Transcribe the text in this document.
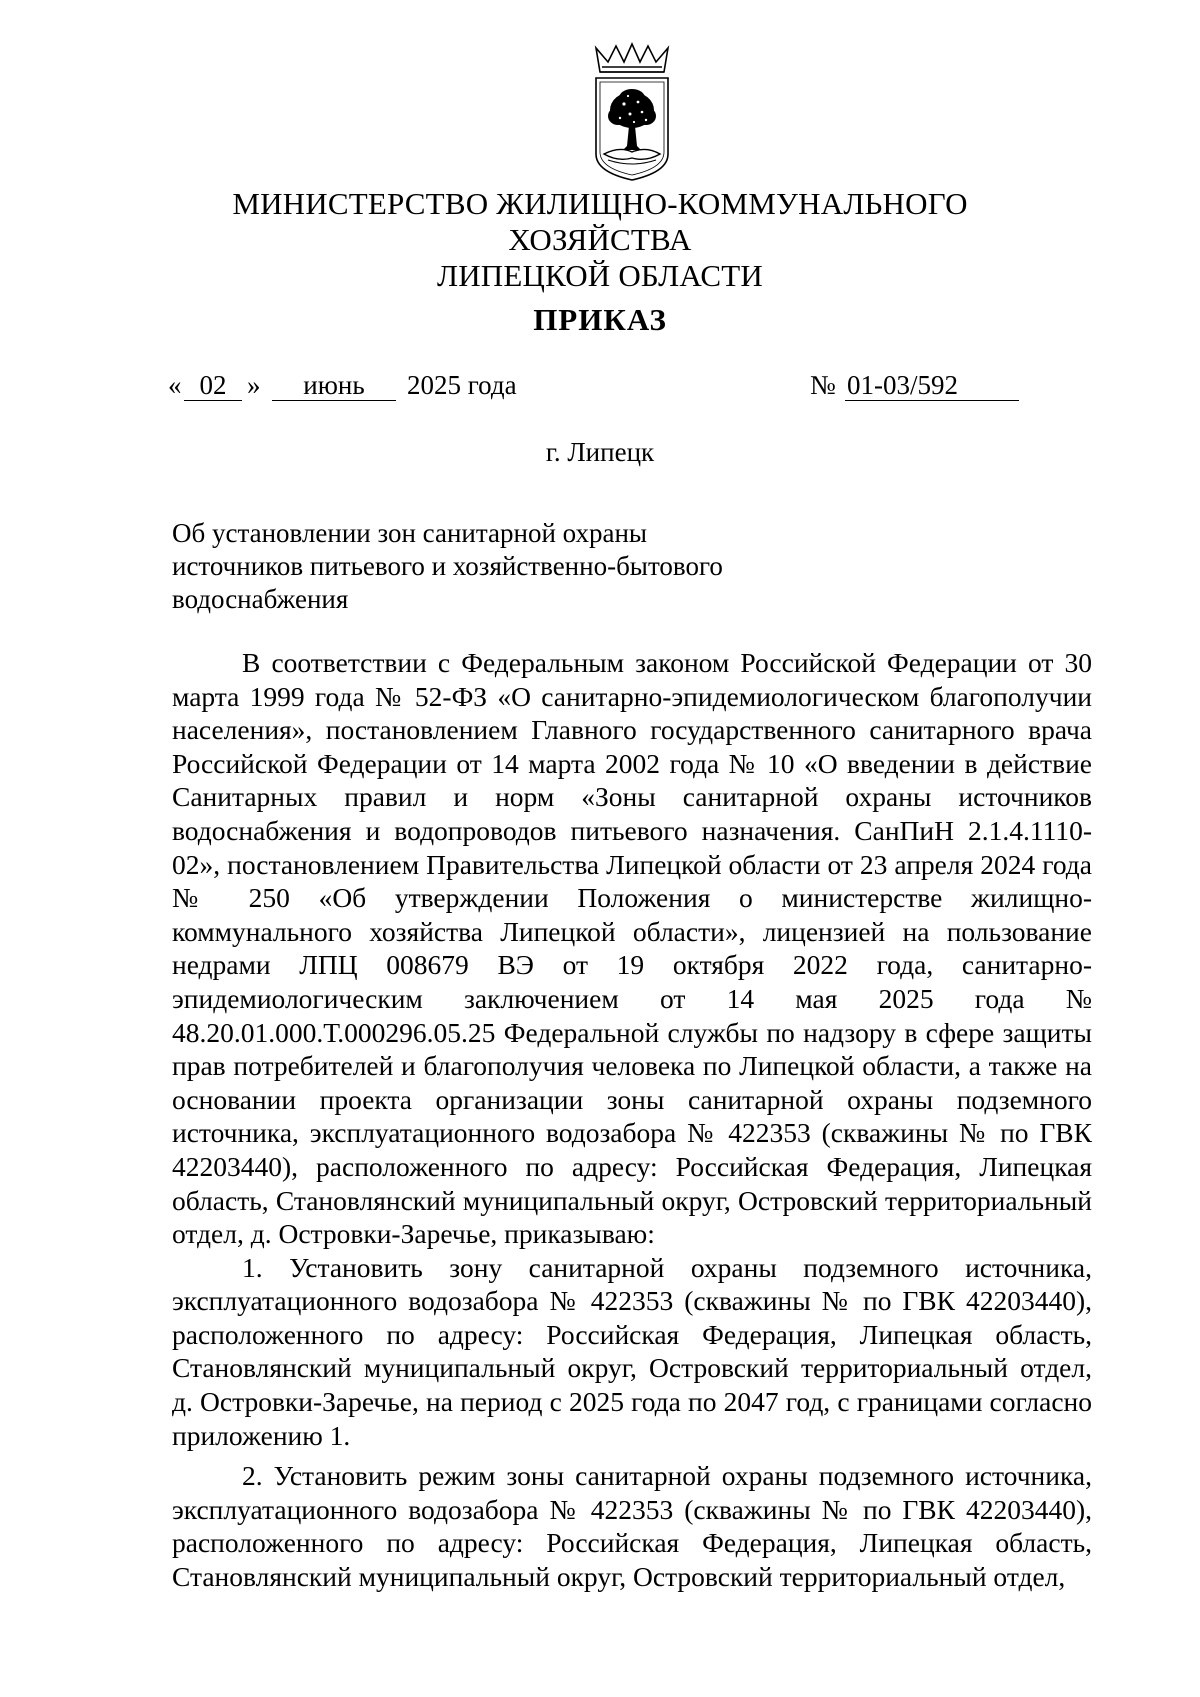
МИНИСТЕРСТВО ЖИЛИЩНО-КОММУНАЛЬНОГО ХОЗЯЙСТВА
ЛИПЕЦКОЙ ОБЛАСТИ
ПРИКАЗ
« 02 »	июнь	2025 года	№ 01-03/592
г. Липецк
Об установлении зон санитарной охраны
источников питьевого и хозяйственно-бытового
водоснабжения

В соответствии с Федеральным законом Российской Федерации от 30 марта 1999 года № 52-ФЗ «О санитарно-эпидемиологическом благополучии населения», постановлением Главного государственного санитарного врача Российской Федерации от 14 марта 2002 года № 10 «О введении в действие Санитарных правил и норм «Зоны санитарной охраны источников водоснабжения и водопроводов питьевого назначения. СанПиН 2.1.4.1110-02», постановлением Правительства Липецкой области от 23 апреля 2024 года № 250 «Об утверждении Положения о министерстве жилищно-коммунального хозяйства Липецкой области», лицензией на пользование недрами ЛПЦ 008679 ВЭ от 19 октября 2022 года, санитарно-эпидемиологическим заключением от 14 мая 2025 года № 48.20.01.000.Т.000296.05.25 Федеральной службы по надзору в сфере защиты прав потребителей и благополучия человека по Липецкой области, а также на основании проекта организации зоны санитарной охраны подземного источника, эксплуатационного водозабора № 422353 (скважины № по ГВК 42203440), расположенного по адресу: Российская Федерация, Липецкая область, Становлянский муниципальный округ, Островский территориальный отдел, д. Островки-Заречье, приказываю:

1. Установить зону санитарной охраны подземного источника, эксплуатационного водозабора № 422353 (скважины № по ГВК 42203440), расположенного по адресу: Российская Федерация, Липецкая область, Становлянский муниципальный округ, Островский территориальный отдел, д. Островки-Заречье, на период с 2025 года по 2047 год, с границами согласно приложению 1.

2. Установить режим зоны санитарной охраны подземного источника, эксплуатационного водозабора № 422353 (скважины № по ГВК 42203440), расположенного по адресу: Российская Федерация, Липецкая область, Становлянский муниципальный округ, Островский территориальный отдел,
